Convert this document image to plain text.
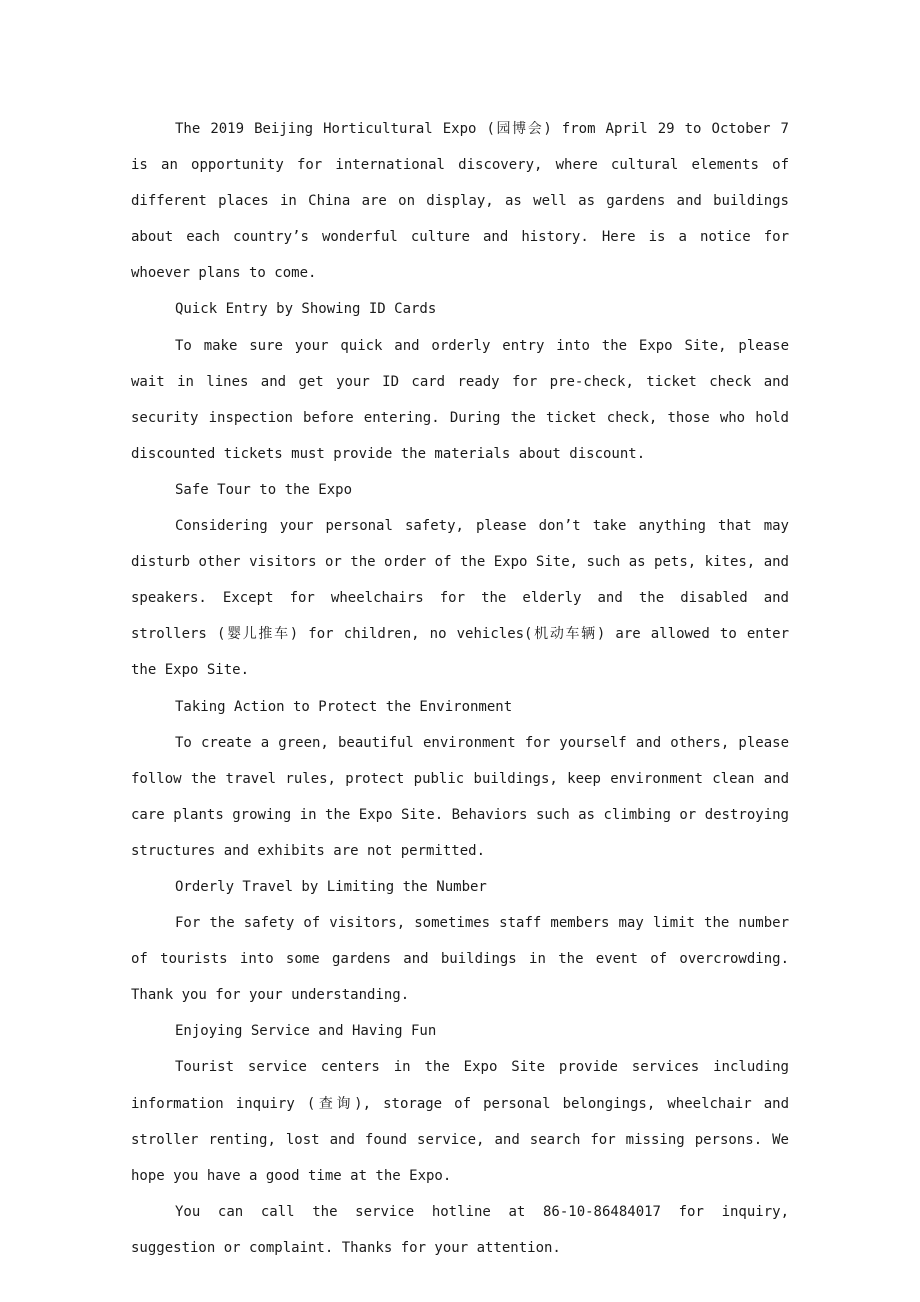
The 2019 Beijing Horticultural Expo (园博会) from April 29 to October 7 is an opportunity for international discovery, where cultural elements of different places in China are on display, as well as gardens and buildings about each country’s wonderful culture and history. Here is a notice for whoever plans to come.

Quick Entry by Showing ID Cards

To make sure your quick and orderly entry into the Expo Site, please wait in lines and get your ID card ready for pre-check, ticket check and security inspection before entering. During the ticket check, those who hold discounted tickets must provide the materials about discount.

Safe Tour to the Expo

Considering your personal safety, please don’t take anything that may disturb other visitors or the order of the Expo Site, such as pets, kites, and speakers. Except for wheelchairs for the elderly and the disabled and strollers (婴儿推车) for children, no vehicles(机动车辆) are allowed to enter the Expo Site.

Taking Action to Protect the Environment

To create a green, beautiful environment for yourself and others, please follow the travel rules, protect public buildings, keep environment clean and care plants growing in the Expo Site. Behaviors such as climbing or destroying structures and exhibits are not permitted.

Orderly Travel by Limiting the Number

For the safety of visitors, sometimes staff members may limit the number of tourists into some gardens and buildings in the event of overcrowding. Thank you for your understanding.

Enjoying Service and Having Fun

Tourist service centers in the Expo Site provide services including information inquiry (查询), storage of personal belongings, wheelchair and stroller renting, lost and found service, and search for missing persons. We hope you have a good time at the Expo.

You can call the service hotline at 86-10-86484017 for inquiry, suggestion or complaint. Thanks for your attention.
